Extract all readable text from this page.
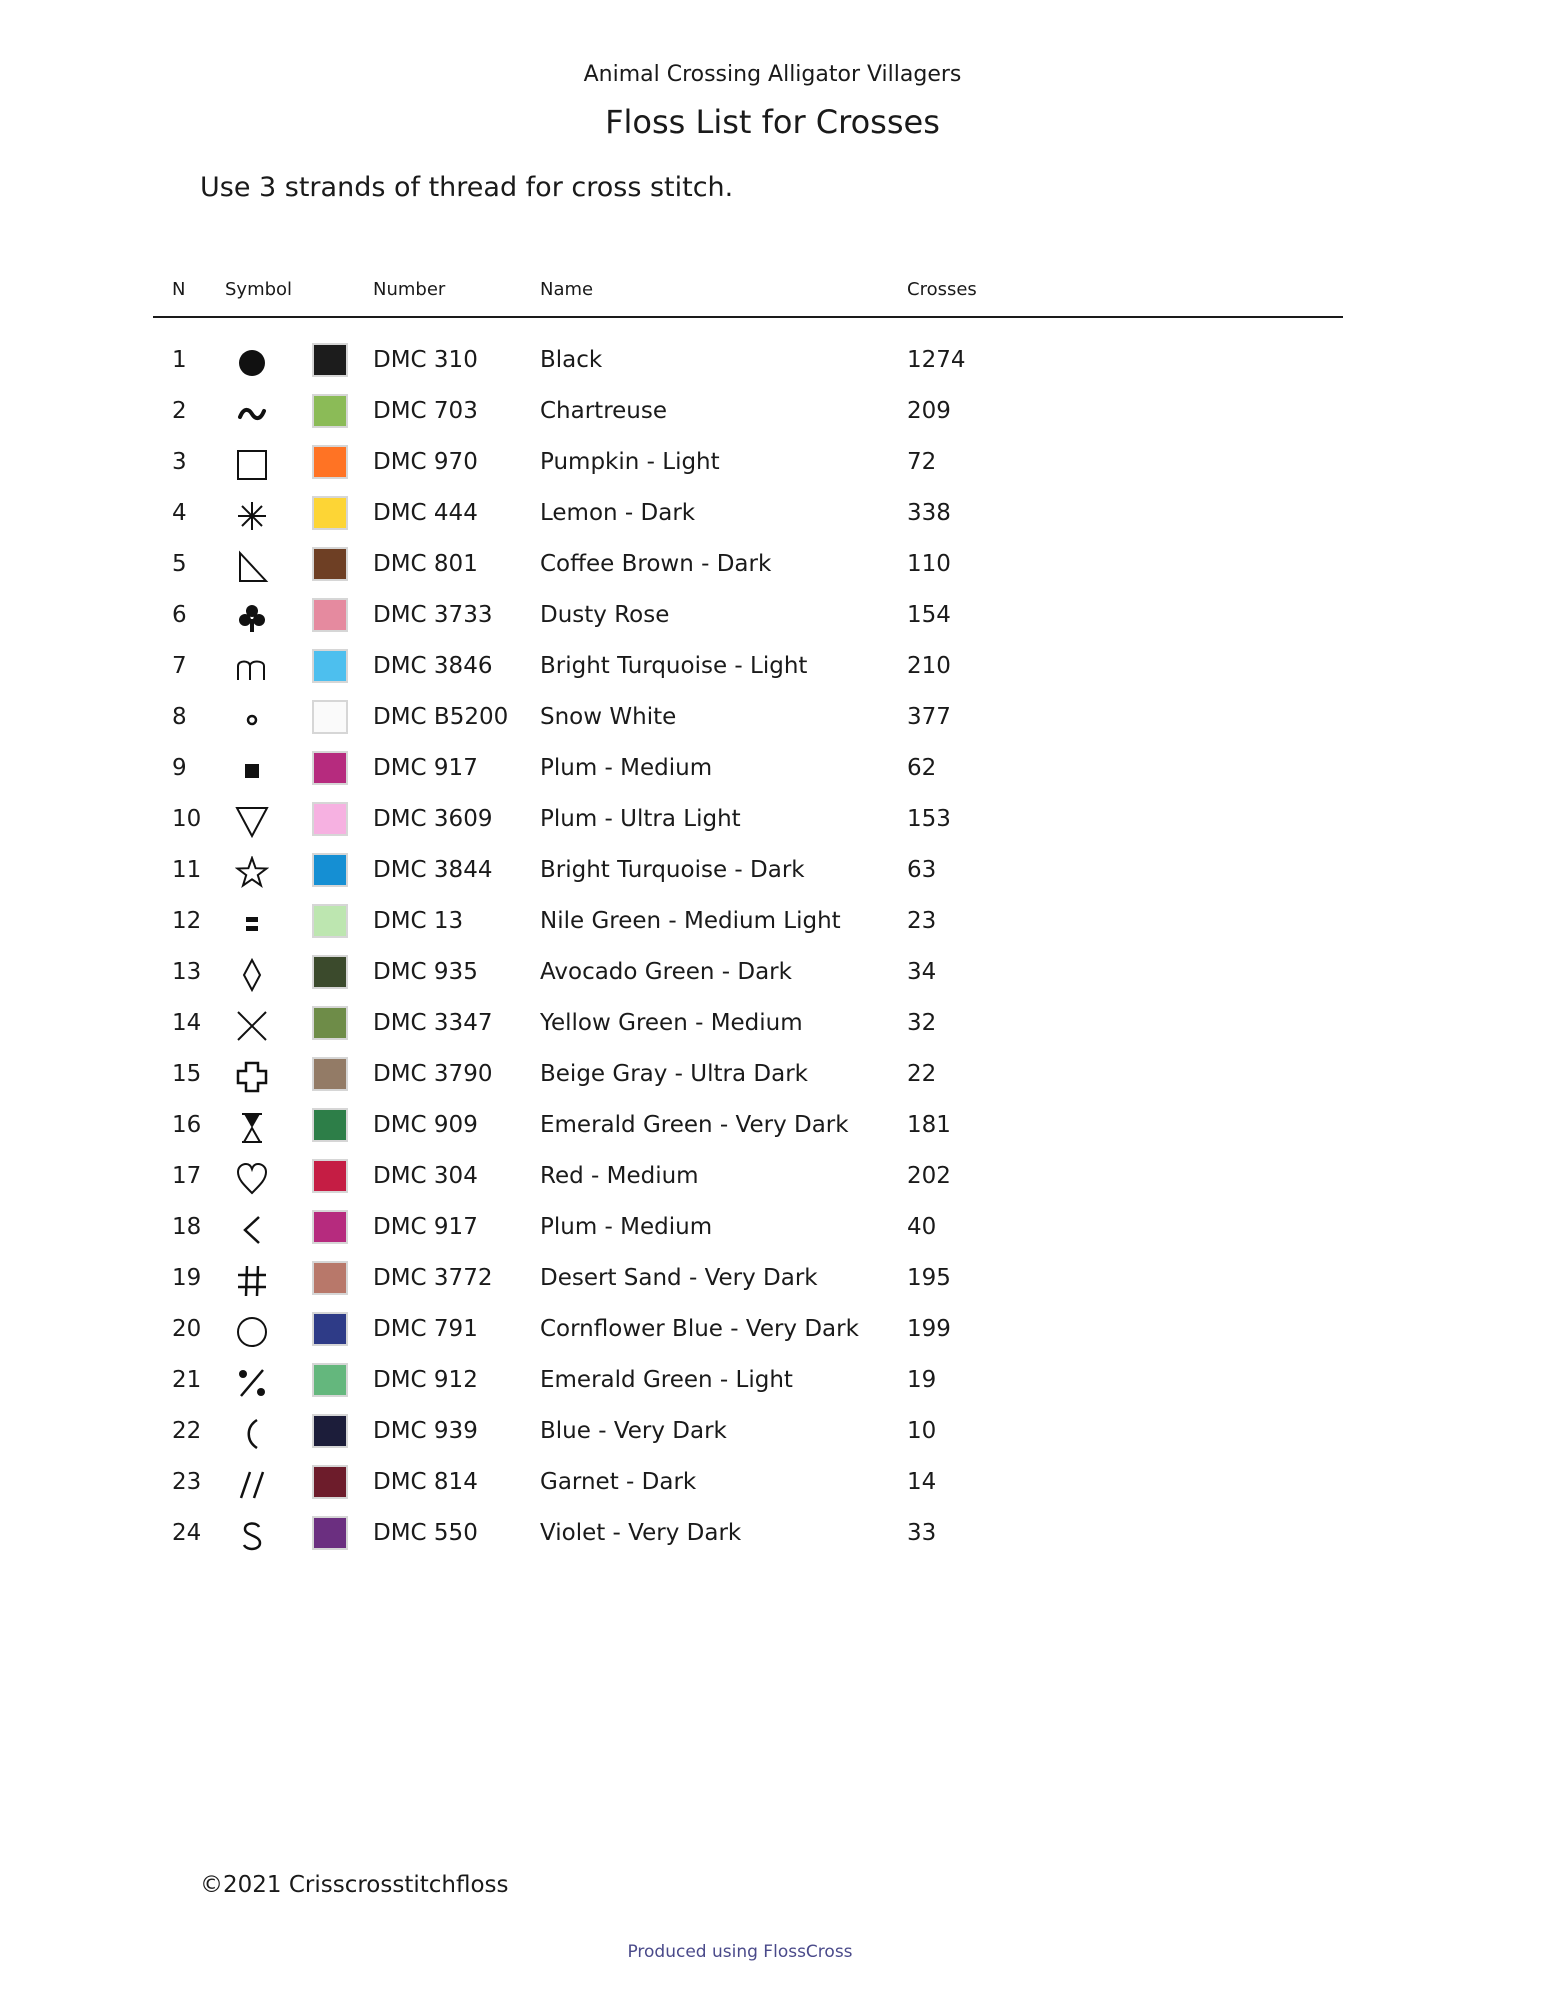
Animal Crossing Alligator Villagers
Floss List for Crosses
Use 3 strands of thread for cross stitch.
N Symbol	Number	Name	Crosses
1	DMC 310	Black	1274
2	DMC 703	Chartreuse	209
3	DMC 970	Pumpkin - Light	72
4	DMC 444	Lemon - Dark	338
5	DMC 801	Coffee Brown - Dark	110
6	DMC 3733 Dusty Rose	154
7	DMC 3846 Bright Turquoise - Light	210
8	DMC B5200 Snow White	377
9	DMC 917	Plum - Medium	62
10	DMC 3609 Plum - Ultra Light	153
11	DMC 3844 Bright Turquoise - Dark	63
12	DMC 13	Nile Green - Medium Light	23
13	DMC 935	Avocado Green - Dark	34
14	DMC 3347 Yellow Green - Medium	32
15	DMC 3790 Beige Gray - Ultra Dark	22
16	DMC 909	Emerald Green - Very Dark	181
17	DMC 304	Red - Medium	202
18	DMC 917	Plum - Medium	40
19	DMC 3772 Desert Sand - Very Dark	195
20	DMC 791	Cornflower Blue - Very Dark 199
21	DMC 912	Emerald Green - Light	19
22	DMC 939	Blue - Very Dark	10
23	DMC 814	Garnet - Dark	14
24	DMC 550	Violet - Very Dark	33
©2021 Crisscrosstitchfloss
Produced using FlossCross
